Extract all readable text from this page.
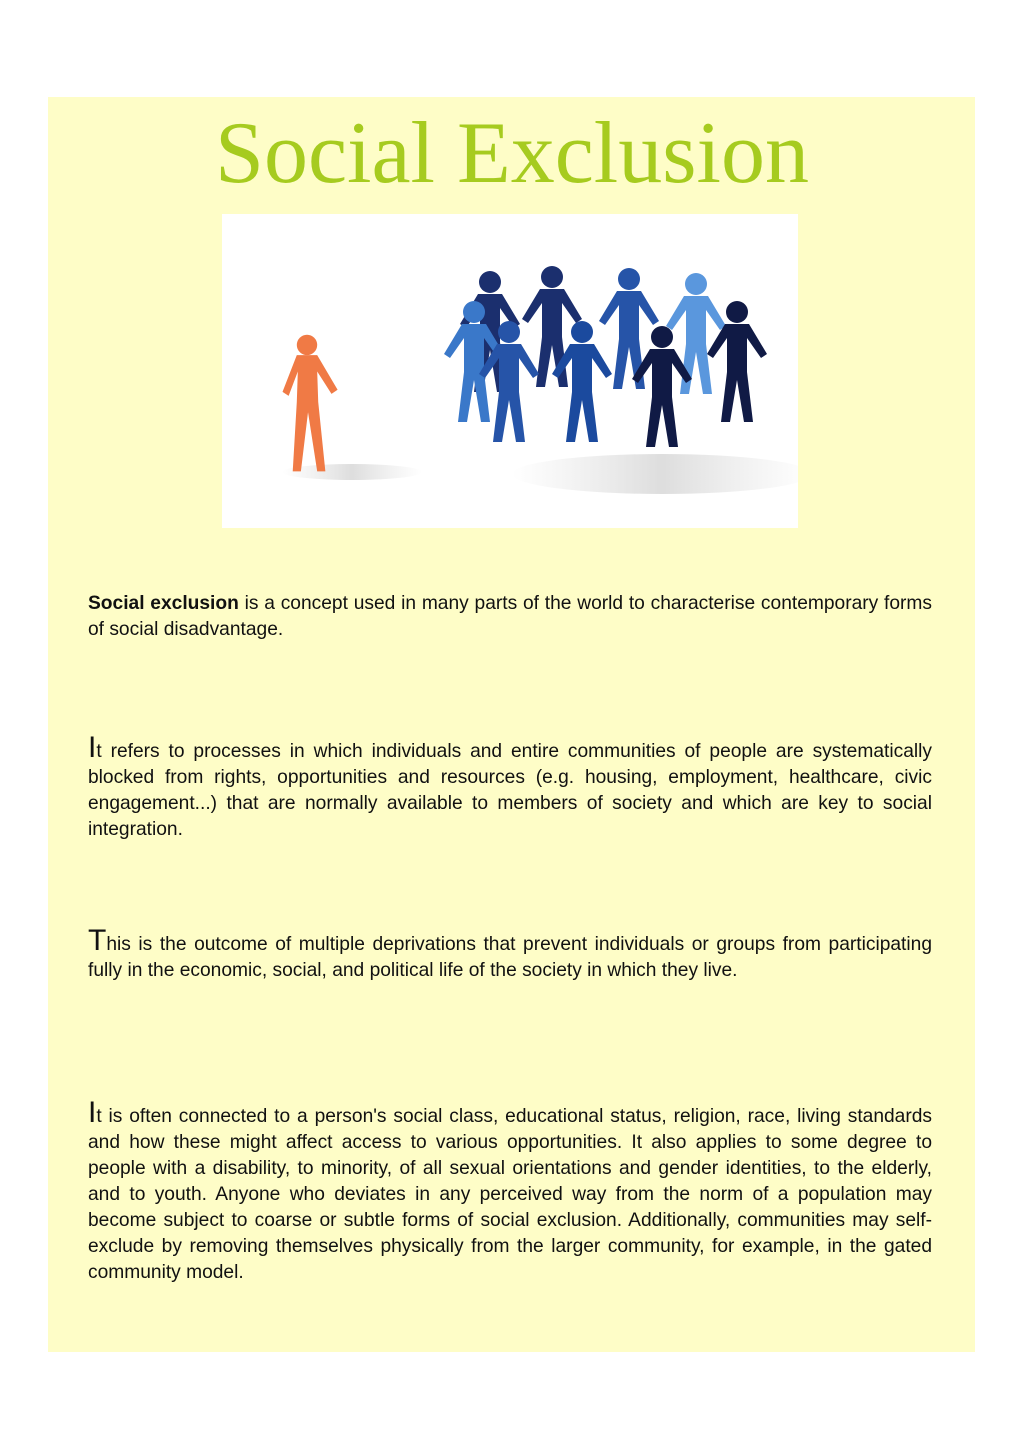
Social Exclusion

Social exclusion is a concept used in many parts of the world to characterise contemporary forms of social disadvantage.

It refers to processes in which individuals and entire communities of people are systematically blocked from rights, opportunities and resources (e.g. housing, employment, healthcare, civic engagement...) that are normally available to members of society and which are key to social integration.

This is the outcome of multiple deprivations that prevent individuals or groups from participating fully in the economic, social, and political life of the society in which they live.

It is often connected to a person's social class, educational status, religion, race, living standards and how these might affect access to various opportunities. It also applies to some degree to people with a disability, to minority, of all sexual orientations and gender identities, to the elderly, and to youth. Anyone who deviates in any perceived way from the norm of a population may become subject to coarse or subtle forms of social exclusion. Additionally, communities may self-exclude by removing themselves physically from the larger community, for example, in the gated community model.
